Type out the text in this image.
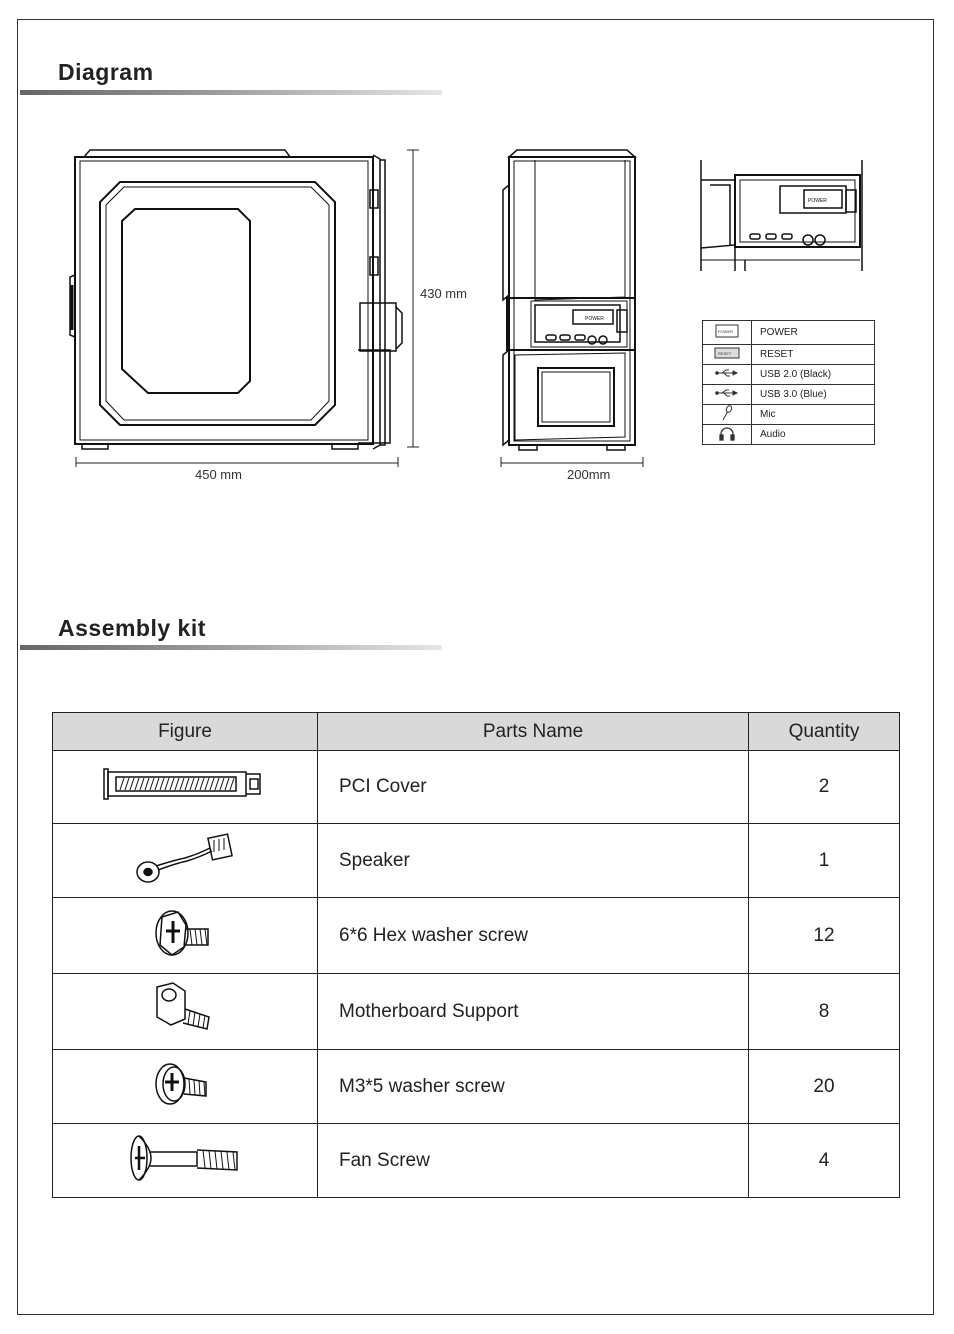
Diagram
430 mm
450 mm
POWER
200mm
POWER
POWER	POWER

RESET	RESET
	USB 2.0 (Black)
	USB 3.0 (Blue)
	Mic
	Audio
Assembly kit
Figure	Parts Name	Quantity
	PCI Cover	2
	Speaker	1
	6*6 Hex washer screw	12
	Motherboard Support	8
	M3*5 washer screw	20
	Fan Screw	4
